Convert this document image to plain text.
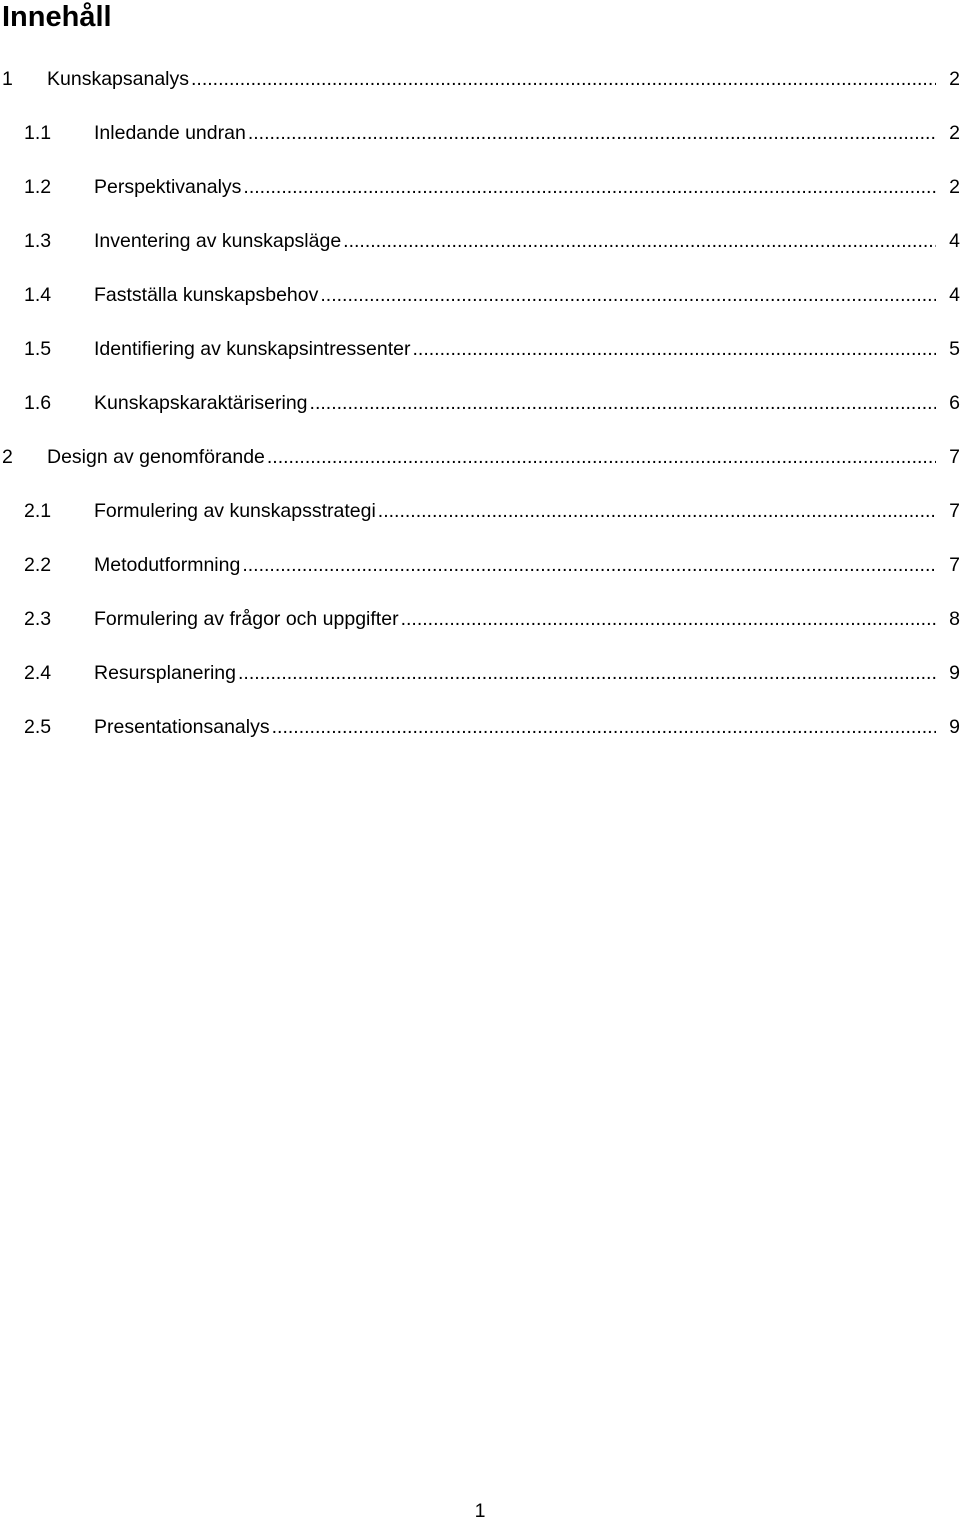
Innehåll
1 Kunskapsanalys .....	2
1.1 Inledande undran .....	2
1.2 Perspektivanalys .....	2
1.3 Inventering av kunskapsläge .....	4
1.4 Fastställa kunskapsbehov .....	4
1.5 Identifiering av kunskapsintressenter .....	5
1.6 Kunskapskaraktärisering .....	6
2 Design av genomförande .....	7
2.1 Formulering av kunskapsstrategi .....	7
2.2 Metodutformning .....	7
2.3 Formulering av frågor och uppgifter .....	8
2.4 Resursplanering .....	9
2.5 Presentationsanalys .....	9
1
